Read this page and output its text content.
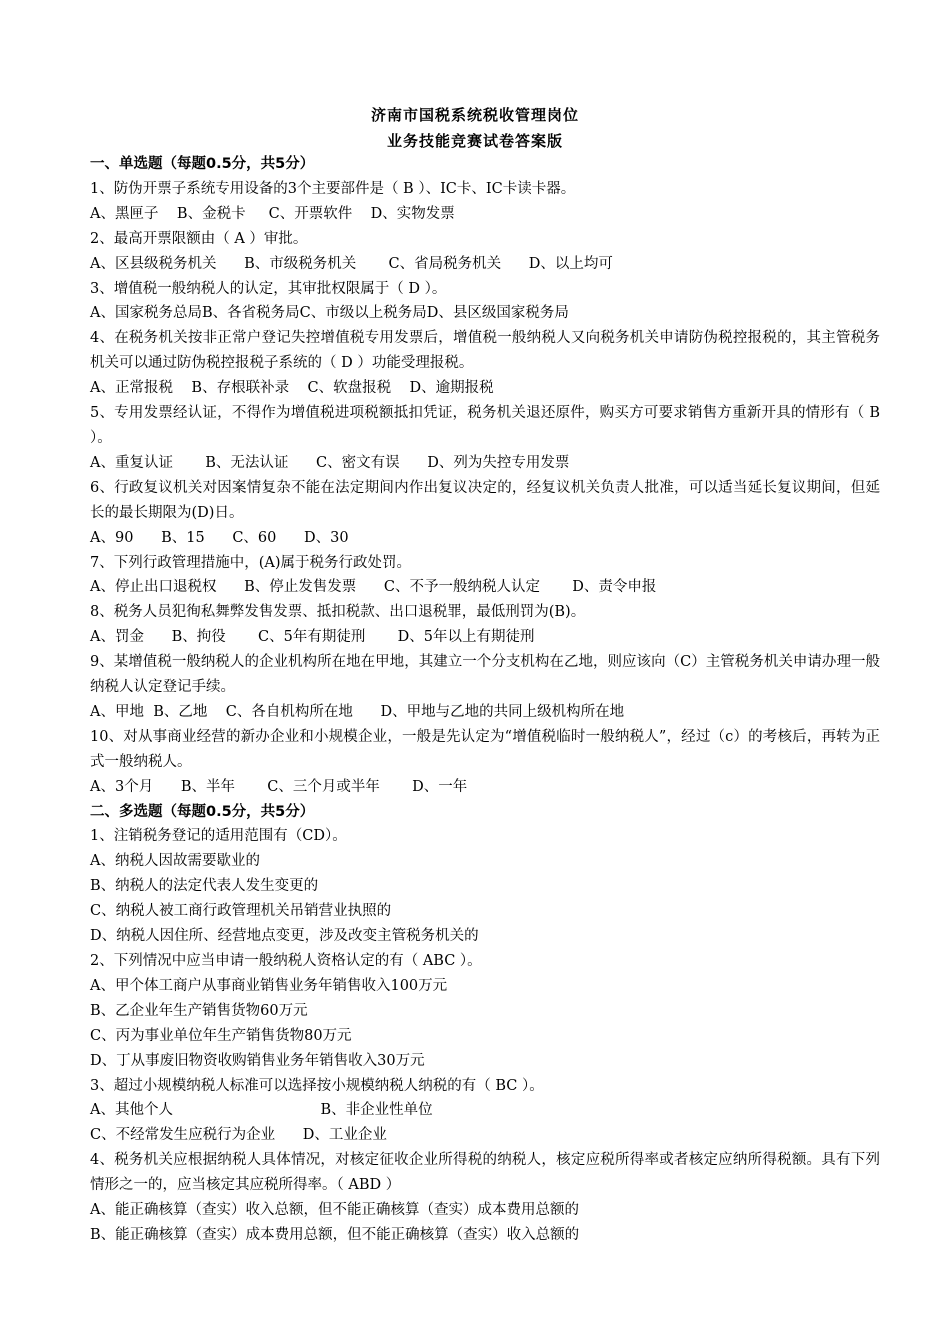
济南市国税系统税收管理岗位
业务技能竞赛试卷答案版
一、单选题（每题0.5分，共5分）
1、防伪开票子系统专用设备的3个主要部件是（ B ）、IC卡、IC卡读卡器。
A、黑匣子    B、金税卡     C、开票软件    D、实物发票
2、最高开票限额由（ A ）审批。
A、区县级税务机关      B、市级税务机关       C、省局税务机关      D、以上均可
3、增值税一般纳税人的认定，其审批权限属于（ D ）。
A、国家税务总局B、各省税务局C、市级以上税务局D、县区级国家税务局
4、在税务机关按非正常户登记失控增值税专用发票后，增值税一般纳税人又向税务机关申请防伪税控报税的，其主管税务机关可以通过防伪税控报税子系统的（ D ）功能受理报税。
A、正常报税    B、存根联补录    C、软盘报税    D、逾期报税
5、专用发票经认证，不得作为增值税进项税额抵扣凭证，税务机关退还原件，购买方可要求销售方重新开具的情形有（ B ）。
A、重复认证       B、无法认证      C、密文有误      D、列为失控专用发票
6、行政复议机关对因案情复杂不能在法定期间内作出复议决定的，经复议机关负责人批准，可以适当延长复议期间，但延长的最长期限为(D)日。
A、90      B、15      C、60      D、30
7、下列行政管理措施中，(A)属于税务行政处罚。
A、停止出口退税权      B、停止发售发票      C、不予一般纳税人认定       D、责令申报
8、税务人员犯徇私舞弊发售发票、抵扣税款、出口退税罪，最低刑罚为(B)。
A、罚金      B、拘役       C、5年有期徒刑       D、5年以上有期徒刑
9、某增值税一般纳税人的企业机构所在地在甲地，其建立一个分支机构在乙地，则应该向（C）主管税务机关申请办理一般纳税人认定登记手续。
A、甲地  B、乙地    C、各自机构所在地      D、甲地与乙地的共同上级机构所在地
10、对从事商业经营的新办企业和小规模企业，一般是先认定为“增值税临时一般纳税人”，经过（c）的考核后，再转为正式一般纳税人。
A、3个月      B、半年       C、三个月或半年       D、一年
二、多选题（每题0.5分，共5分）
1、注销税务登记的适用范围有（CD）。
A、纳税人因故需要歇业的
B、纳税人的法定代表人发生变更的
C、纳税人被工商行政管理机关吊销营业执照的
D、纳税人因住所、经营地点变更，涉及改变主管税务机关的
2、下列情况中应当申请一般纳税人资格认定的有（ ABC ）。
A、甲个体工商户从事商业销售业务年销售收入100万元
B、乙企业年生产销售货物60万元
C、丙为事业单位年生产销售货物80万元
D、丁从事废旧物资收购销售业务年销售收入30万元
3、超过小规模纳税人标准可以选择按小规模纳税人纳税的有（ BC ）。
A、其他个人                                B、非企业性单位
C、不经常发生应税行为企业      D、工业企业
4、税务机关应根据纳税人具体情况，对核定征收企业所得税的纳税人，核定应税所得率或者核定应纳所得税额。具有下列情形之一的，应当核定其应税所得率。（ ABD ）
A、能正确核算（查实）收入总额，但不能正确核算（查实）成本费用总额的
B、能正确核算（查实）成本费用总额，但不能正确核算（查实）收入总额的
